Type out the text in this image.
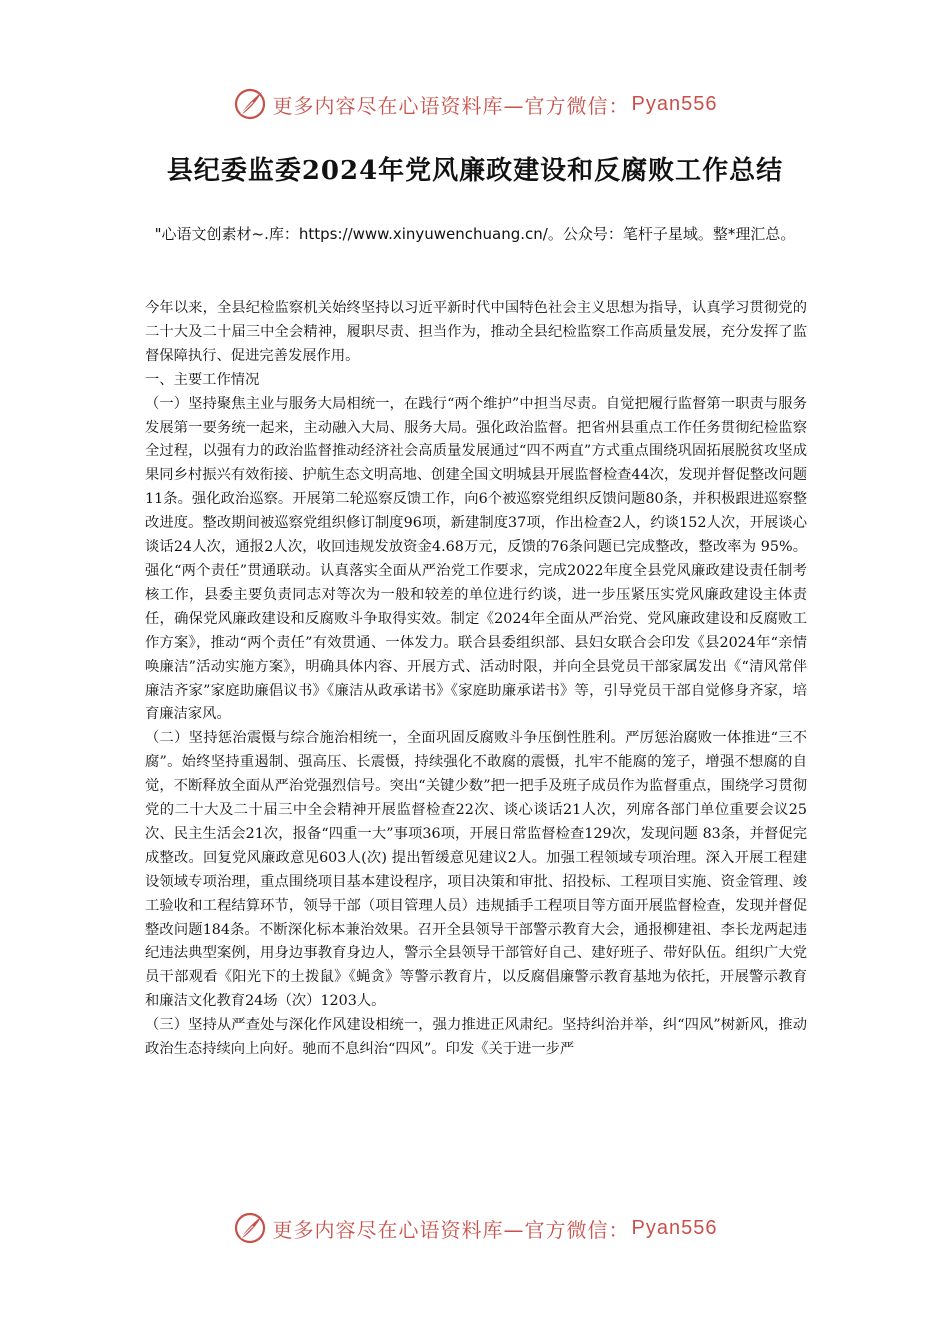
更多内容尽在心语资料库—官方微信： Pyan556
县纪委监委2024年党风廉政建设和反腐败工作总结

"心语文创素材~.库：https://www.xinyuwenchuang.cn/。公众号：笔杆子星域。整*理汇总。

今年以来，全县纪检监察机关始终坚持以习近平新时代中国特色社会主义思想为指导，认真学习贯彻党的二十大及二十届三中全会精神，履职尽责、担当作为，推动全县纪检监察工作高质量发展，充分发挥了监督保障执行、促进完善发展作用。

一、主要工作情况

（一）坚持聚焦主业与服务大局相统一，在践行“两个维护”中担当尽责。自觉把履行监督第一职责与服务发展第一要务统一起来，主动融入大局、服务大局。强化政治监督。把省州县重点工作任务贯彻纪检监察全过程，以强有力的政治监督推动经济社会高质量发展通过“四不两直”方式重点围绕巩固拓展脱贫攻坚成果同乡村振兴有效衔接、护航生态文明高地、创建全国文明城县开展监督检查44次，发现并督促整改问题11条。强化政治巡察。开展第二轮巡察反馈工作，向6个被巡察党组织反馈问题80条，并积极跟进巡察整改进度。整改期间被巡察党组织修订制度96项，新建制度37项，作出检查2人，约谈152人次，开展谈心谈话24人次，通报2人次，收回违规发放资金4.68万元，反馈的76条问题已完成整改，整改率为 95%。强化“两个责任”贯通联动。认真落实全面从严治党工作要求，完成2022年度全县党风廉政建设责任制考核工作，县委主要负责同志对等次为一般和较差的单位进行约谈，进一步压紧压实党风廉政建设主体责任，确保党风廉政建设和反腐败斗争取得实效。制定《2024年全面从严治党、党风廉政建设和反腐败工作方案》，推动“两个责任”有效贯通、一体发力。联合县委组织部、县妇女联合会印发《县2024年“亲情唤廉洁”活动实施方案》，明确具体内容、开展方式、活动时限，并向全县党员干部家属发出《“清风常伴 廉洁齐家”家庭助廉倡议书》《廉洁从政承诺书》《家庭助廉承诺书》等，引导党员干部自觉修身齐家，培育廉洁家风。

（二）坚持惩治震慑与综合施治相统一，全面巩固反腐败斗争压倒性胜利。严厉惩治腐败一体推进“三不腐”。始终坚持重遏制、强高压、长震慑，持续强化不敢腐的震慑，扎牢不能腐的笼子，增强不想腐的自觉，不断释放全面从严治党强烈信号。突出“关键少数”把一把手及班子成员作为监督重点，围绕学习贯彻党的二十大及二十届三中全会精神开展监督检查22次、谈心谈话21人次，列席各部门单位重要会议25次、民主生活会21次，报备“四重一大”事项36项，开展日常监督检查129次，发现问题 83条，并督促完成整改。回复党风廉政意见603人(次) 提出暂缓意见建议2人。加强工程领域专项治理。深入开展工程建设领域专项治理，重点围绕项目基本建设程序，项目决策和审批、招投标、工程项目实施、资金管理、竣工验收和工程结算环节，领导干部（项目管理人员）违规插手工程项目等方面开展监督检查，发现并督促整改问题184条。不断深化标本兼治效果。召开全县领导干部警示教育大会，通报柳建祖、李长龙两起违纪违法典型案例，用身边事教育身边人，警示全县领导干部管好自己、建好班子、带好队伍。组织广大党员干部观看《阳光下的土拨鼠》《蝇贪》等警示教育片，以反腐倡廉警示教育基地为依托，开展警示教育和廉洁文化教育24场（次）1203人。

（三）坚持从严查处与深化作风建设相统一，强力推进正风肃纪。坚持纠治并举，纠“四风”树新风，推动政治生态持续向上向好。驰而不息纠治“四风”。印发《关于进一步严

更多内容尽在心语资料库—官方微信： Pyan556
